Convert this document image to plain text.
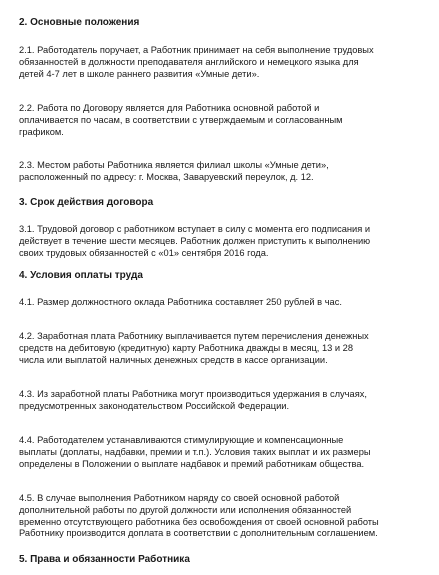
2. Основные положения

2.1. Работодатель поручает, а Работник принимает на себя выполнение трудовых
обязанностей в должности преподавателя английского и немецкого языка для
детей 4-7 лет в школе раннего развития «Умные дети».

2.2. Работа по Договору является для Работника основной работой и
оплачивается по часам, в соответствии с утверждаемым и согласованным
графиком.

2.3. Местом работы Работника является филиал школы «Умные дети»,
расположенный по адресу: г. Москва, Заваруевский переулок, д. 12.

3. Срок действия договора

3.1. Трудовой договор с работником вступает в силу с момента его подписания и
действует в течение шести месяцев. Работник должен приступить к выполнению
своих трудовых обязанностей с «01» сентября 2016 года.

4. Условия оплаты труда

4.1. Размер должностного оклада Работника составляет 250 рублей в час.

4.2. Заработная плата Работнику выплачивается путем перечисления денежных
средств на дебитовую (кредитную) карту Работника дважды в месяц, 13 и 28
числа или выплатой наличных денежных средств в кассе организации.

4.3. Из заработной платы Работника могут производиться удержания в случаях,
предусмотренных законодательством Российской Федерации.

4.4. Работодателем устанавливаются стимулирующие и компенсационные
выплаты (доплаты, надбавки, премии и т.п.). Условия таких выплат и их размеры
определены в Положении о выплате надбавок и премий работникам общества.

4.5. В случае выполнения Работником наряду со своей основной работой
дополнительной работы по другой должности или исполнения обязанностей
временно отсутствующего работника без освобождения от своей основной работы
Работнику производится доплата в соответствии с дополнительным соглашением.

5. Права и обязанности Работника
